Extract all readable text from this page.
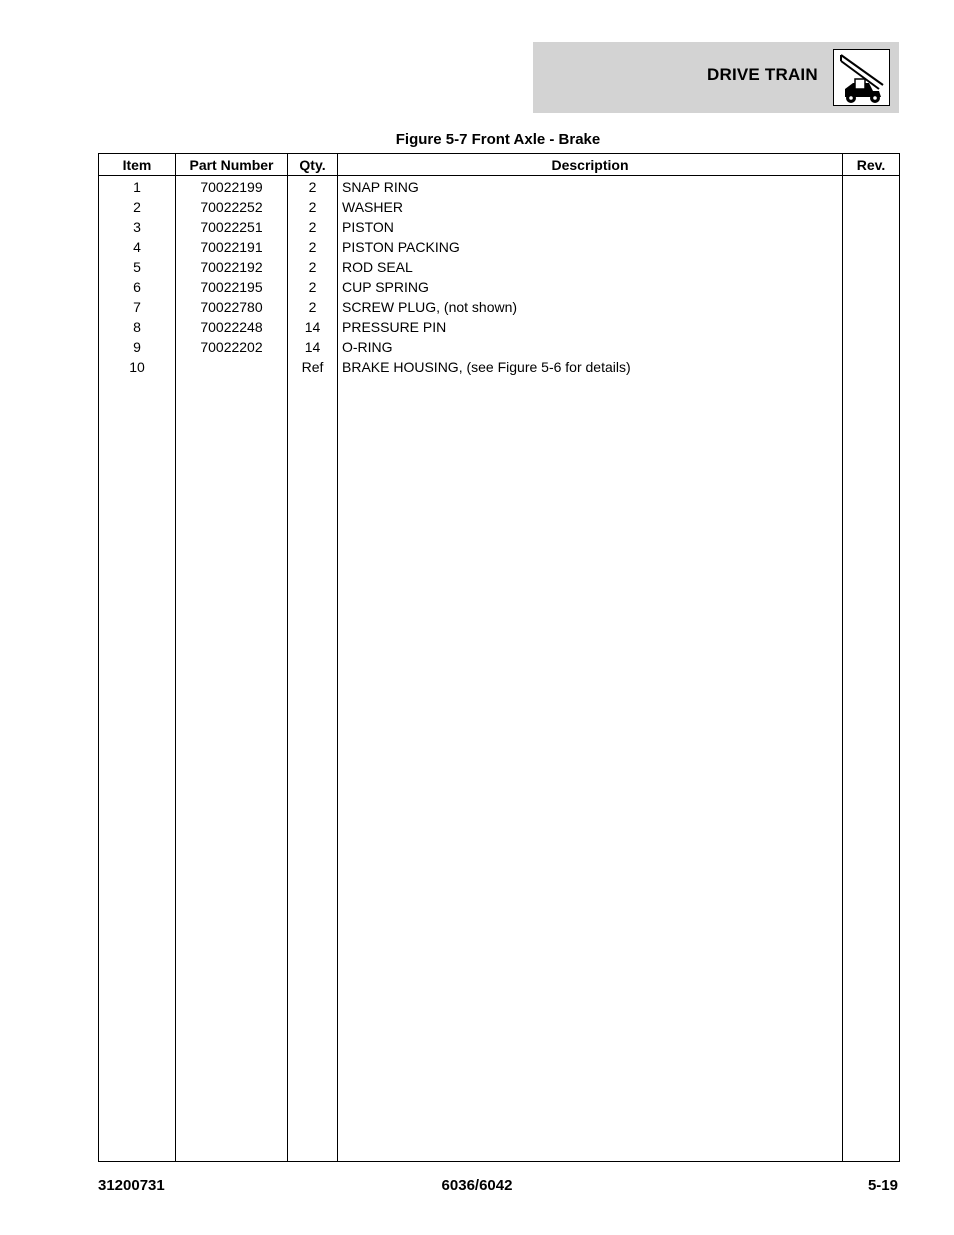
DRIVE TRAIN
Figure 5-7 Front Axle - Brake
Item	Part Number	Qty.	Description	Rev.
1	70022199	2	SNAP RING	
2	70022252	2	WASHER	
3	70022251	2	PISTON	
4	70022191	2	PISTON PACKING	
5	70022192	2	ROD SEAL	
6	70022195	2	CUP SPRING	
7	70022780	2	SCREW PLUG, (not shown)	
8	70022248	14	PRESSURE PIN	
9	70022202	14	O-RING	
10		Ref	BRAKE HOUSING, (see Figure 5-6 for details)	

31200731	6036/6042	5-19
